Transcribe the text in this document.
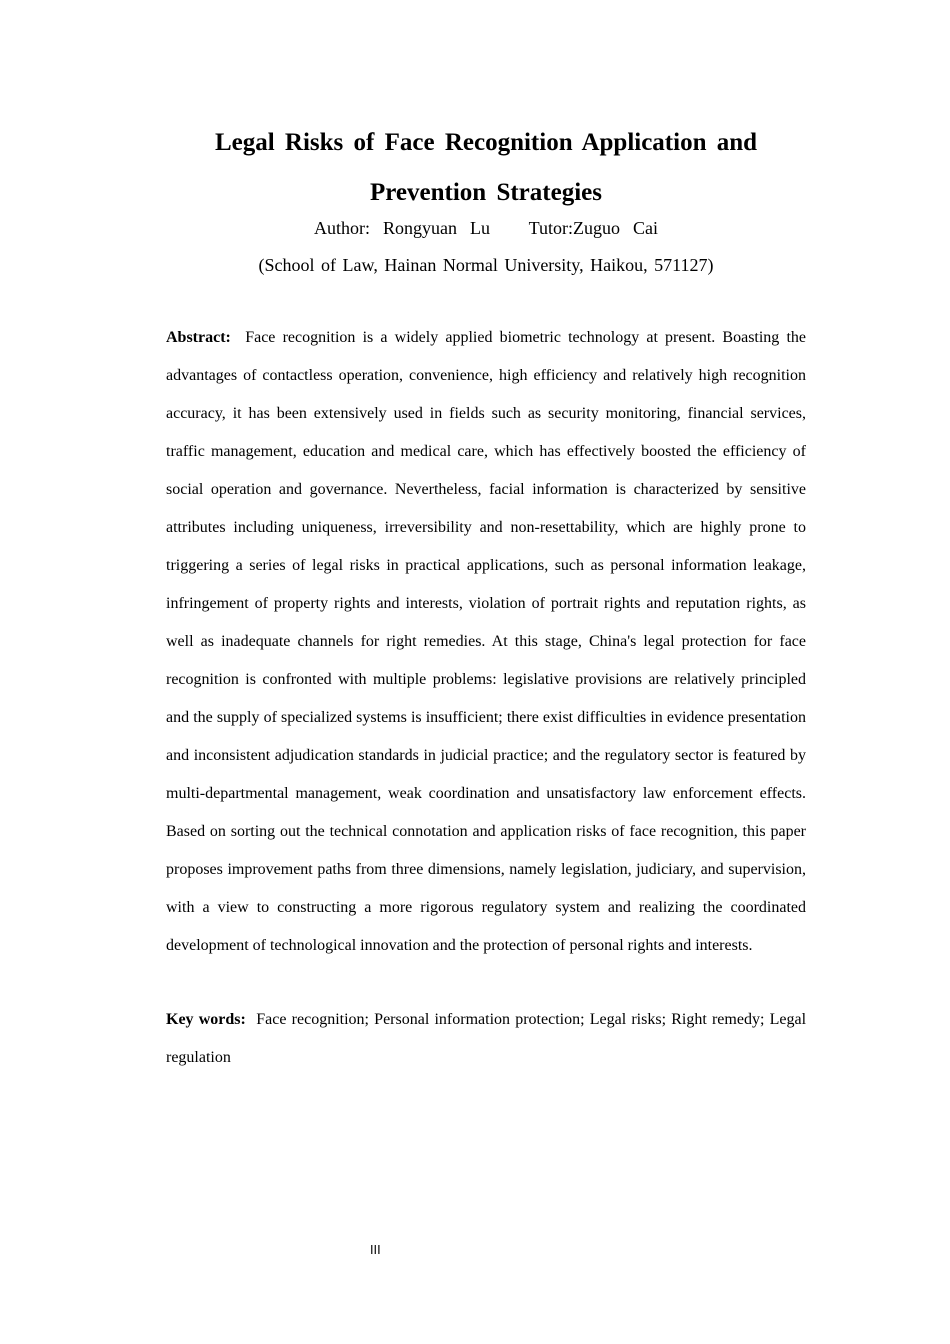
Legal Risks of Face Recognition Application and
Prevention Strategies
Author:  Rongyuan  Lu      Tutor:Zuguo  Cai
(School of Law, Hainan Normal University, Haikou, 571127)

Abstract: Face recognition is a widely applied biometric technology at present. Boasting the advantages of contactless operation, convenience, high efficiency and relatively high recognition accuracy, it has been extensively used in fields such as security monitoring, financial services, traffic management, education and medical care, which has effectively boosted the efficiency of social operation and governance. Nevertheless, facial information is characterized by sensitive attributes including uniqueness, irreversibility and non-resettability, which are highly prone to triggering a series of legal risks in practical applications, such as personal information leakage, infringement of property rights and interests, violation of portrait rights and reputation rights, as well as inadequate channels for right remedies. At this stage, China's legal protection for face recognition is confronted with multiple problems: legislative provisions are relatively principled and the supply of specialized systems is insufficient; there exist difficulties in evidence presentation and inconsistent adjudication standards in judicial practice; and the regulatory sector is featured by multi-departmental management, weak coordination and unsatisfactory law enforcement effects. Based on sorting out the technical connotation and application risks of face recognition, this paper proposes improvement paths from three dimensions, namely legislation, judiciary, and supervision, with a view to constructing a more rigorous regulatory system and realizing the coordinated development of technological innovation and the protection of personal rights and interests.

Key words: Face recognition; Personal information protection; Legal risks; Right remedy; Legal regulation

III
